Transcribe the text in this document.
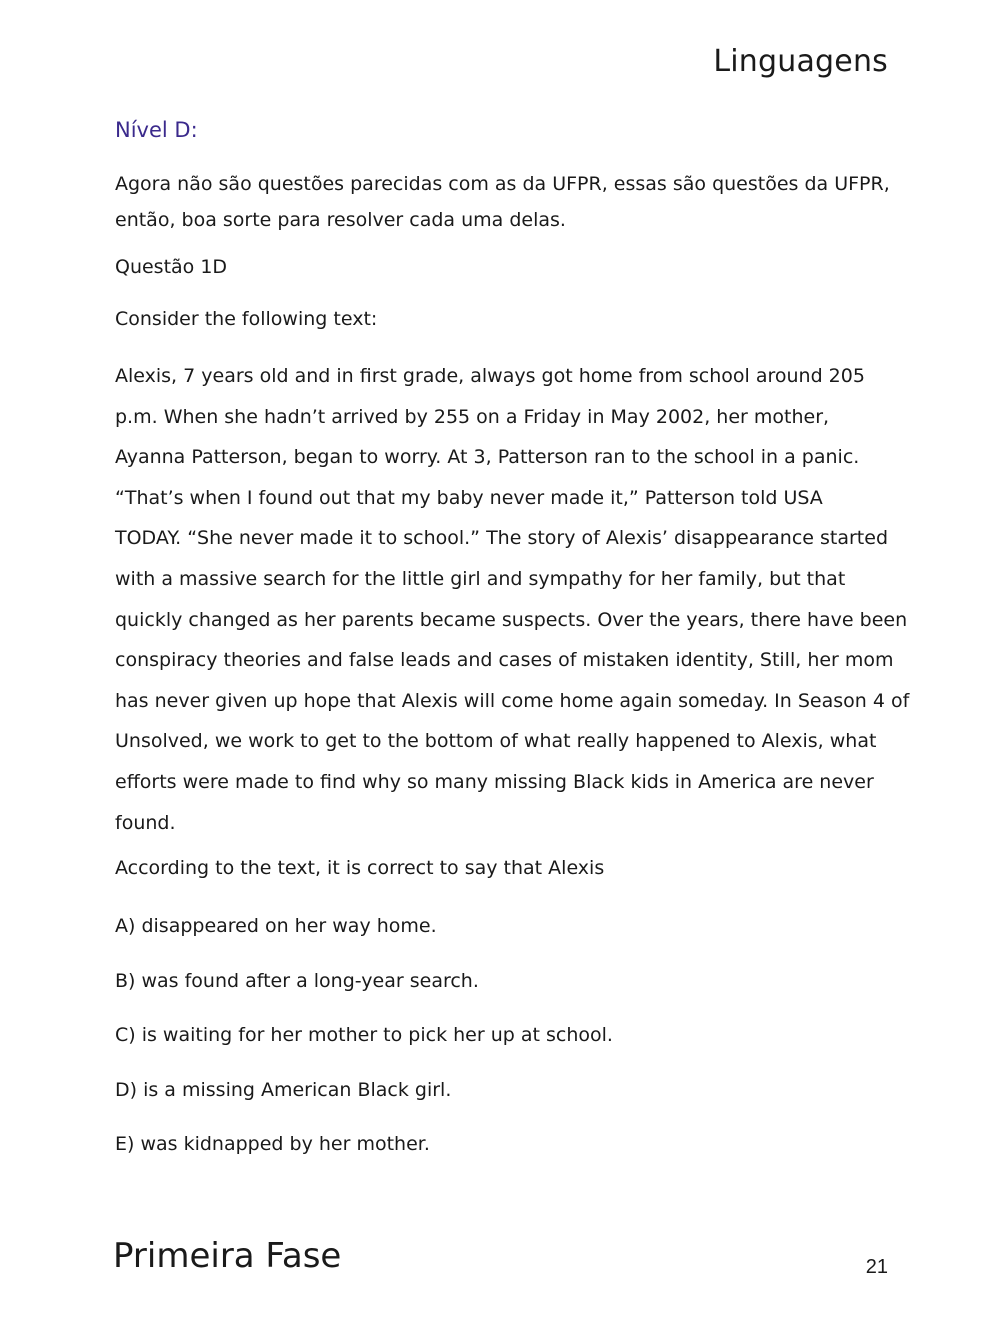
Linguagens
Nível D:
Agora não são questões parecidas com as da UFPR, essas são questões da UFPR, então, boa sorte para resolver cada uma delas.
Questão 1D
Consider the following text:
Alexis, 7 years old and in first grade, always got home from school around 205
p.m. When she hadn’t arrived by 255 on a Friday in May 2002, her mother,
Ayanna Patterson, began to worry. At 3, Patterson ran to the school in a panic.
“That’s when I found out that my baby never made it,” Patterson told USA
TODAY. “She never made it to school.” The story of Alexis’ disappearance started
with a massive search for the little girl and sympathy for her family, but that
quickly changed as her parents became suspects. Over the years, there have been
conspiracy theories and false leads and cases of mistaken identity, Still, her mom
has never given up hope that Alexis will come home again someday. In Season 4 of
Unsolved, we work to get to the bottom of what really happened to Alexis, what
efforts were made to find why so many missing Black kids in America are never
found.
According to the text, it is correct to say that Alexis
A) disappeared on her way home.
B) was found after a long-year search.
C) is waiting for her mother to pick her up at school.
D) is a missing American Black girl.
E) was kidnapped by her mother.
Primeira Fase	21
